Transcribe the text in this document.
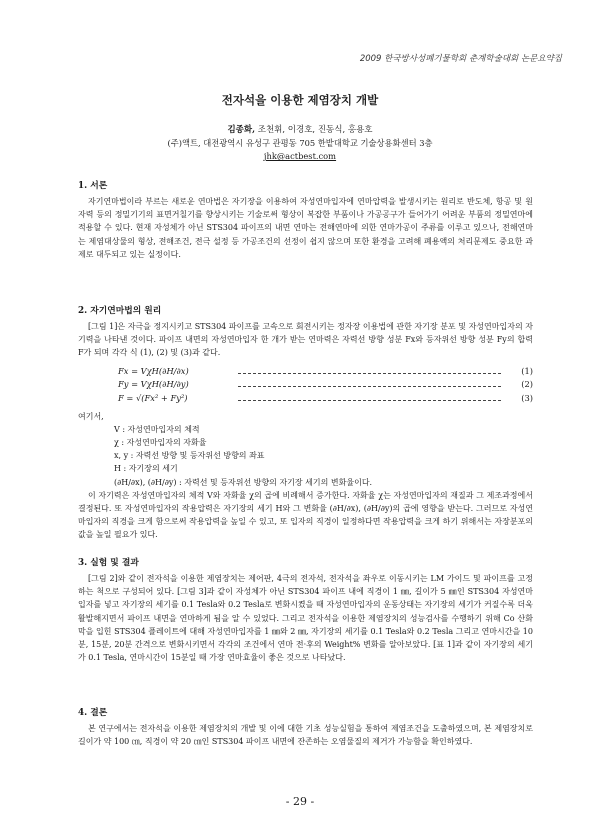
2009 한국방사성폐기물학회 춘계학술대회 논문요약집
전자석을 이용한 제염장치 개발
김종화, 조천휘, 이경호, 진동식, 홍용호
(주)액트, 대전광역시 유성구 관평동 705 한밭대학교 기술상용화센터 3층
jhk@actbest.com
1. 서론

자기연마법이라 부르는 새로운 연마법은 자기장을 이용하여 자성연마입자에 연마압력을 발생시키는 원리로 반도체, 항공 및 원자력 등의 정밀기기의 표면거칠기를 향상시키는 기술로써 형상이 복잡한 부품이나 가공공구가 들어가기 어려운 부품의 정밀연마에 적용할 수 있다. 현재 자성체가 아닌 STS304 파이프의 내면 연마는 전해연마에 의한 연마가공이 주류를 이루고 있으나, 전해연마는 제염대상물의 형상, 전해조건, 전극 설정 등 가공조건의 선정이 쉽지 않으며 또한 환경을 고려해 폐용액의 처리문제도 중요한 과제로 대두되고 있는 실정이다.

2. 자기연마법의 원리

[그림 1]은 자극을 정지시키고 STS304 파이프를 고속으로 회전시키는 정자장 이용법에 관한 자기장 분포 및 자성연마입자의 자기력을 나타낸 것이다. 파이프 내면의 자성연마입자 한 개가 받는 연마력은 자력선 방향 성분 Fx와 등자위선 방향 성분 Fy의 합력 F가 되며 각각 식 (1), (2) 및 (3)과 같다.

Fx = VχH(∂H/∂x)	(1)
Fy = VχH(∂H/∂y)	(2)
F = √(Fx² + Fy²)	(3)
여기서,
V : 자성연마입자의 체적
χ : 자성연마입자의 자화율
x, y : 자력선 방향 및 등자위선 방향의 좌표
H : 자기장의 세기
(∂H/∂x), (∂H/∂y) : 자력선 및 등자위선 방향의 자기장 세기의 변화율이다.

이 자기력은 자성연마입자의 체적 V와 자화율 χ의 곱에 비례해서 증가한다. 자화율 χ는 자성연마입자의 재질과 그 제조과정에서 결정된다. 또 자성연마입자의 작용압력은 자기장의 세기 H와 그 변화율 (∂H/∂x), (∂H/∂y)의 곱에 영향을 받는다. 그러므로 자성연마입자의 직경을 크게 함으로써 작용압력을 높일 수 있고, 또 입자의 직경이 일정하다면 작용압력을 크게 하기 위해서는 자장분포의 값을 높일 필요가 있다.

3. 실험 및 결과

[그림 2]와 같이 전자석을 이용한 제염장치는 제어판, 4극의 전자석, 전자석을 좌우로 이동시키는 LM 가이드 및 파이프를 고정하는 척으로 구성되어 있다. [그림 3]과 같이 자성체가 아닌 STS304 파이프 내에 직경이 1 ㎜, 길이가 5 ㎜인 STS304 자성연마입자를 넣고 자기장의 세기를 0.1 Tesla와 0.2 Tesla로 변화시켰을 때 자성연마입자의 운동상태는 자기장의 세기가 커질수록 더욱 활발해지면서 파이프 내면을 연마하게 됨을 알 수 있었다. 그리고 전자석을 이용한 제염장치의 성능검사를 수행하기 위해 Co 산화막을 입힌 STS304 플레이트에 대해 자성연마입자를 1 ㎜와 2 ㎜, 자기장의 세기를 0.1 Tesla와 0.2 Tesla 그리고 연마시간을 10분, 15분, 20분 간격으로 변화시키면서 각각의 조건에서 연마 전·후의 Weight% 변화를 알아보았다. [표 1]과 같이 자기장의 세기가 0.1 Tesla, 연마시간이 15분일 때 가장 연마효율이 좋은 것으로 나타났다.

4. 결론

본 연구에서는 전자석을 이용한 제염장치의 개발 및 이에 대한 기초 성능실험을 통하여 제염조건을 도출하였으며, 본 제염장치로 길이가 약 100 ㎝, 직경이 약 20 ㎝인 STS304 파이프 내면에 잔존하는 오염물질의 제거가 가능함을 확인하였다.

- 29 -
